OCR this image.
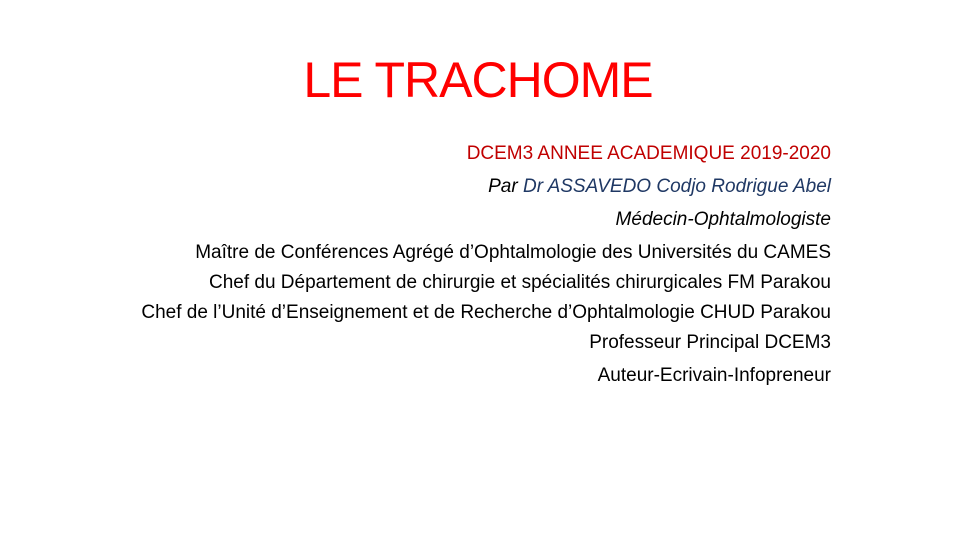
LE TRACHOME
DCEM3 ANNEE ACADEMIQUE 2019-2020
Par Dr ASSAVEDO Codjo Rodrigue Abel
Médecin-Ophtalmologiste
Maître de Conférences Agrégé d’Ophtalmologie des Universités du CAMES
Chef du Département de chirurgie et spécialités chirurgicales FM Parakou
Chef de l’Unité d’Enseignement et de Recherche d’Ophtalmologie CHUD Parakou
Professeur Principal DCEM3
Auteur-Ecrivain-Infopreneur
